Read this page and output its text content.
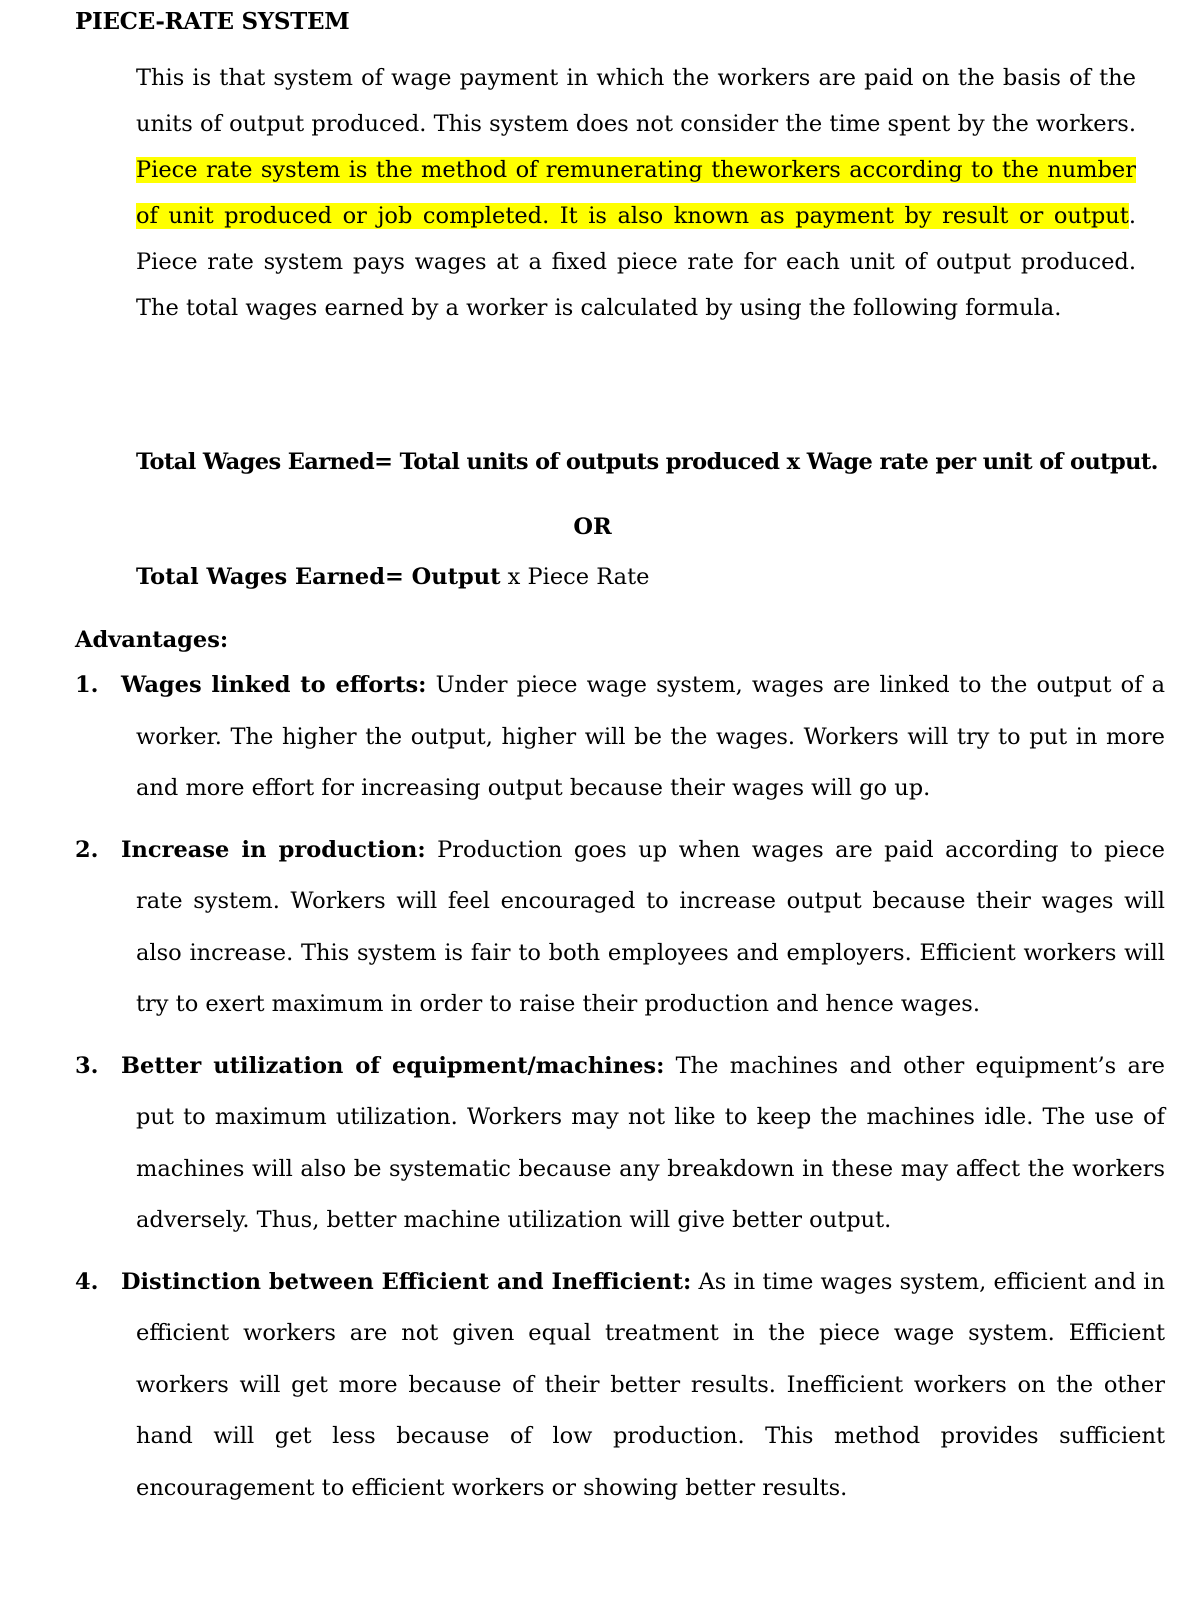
PIECE-RATE SYSTEM

This is that system of wage payment in which the workers are paid on the basis of the units of output produced. This system does not consider the time spent by the workers. Piece rate system is the method of remunerating theworkers according to the number of unit produced or job completed. It is also known as payment by result or output. Piece rate system pays wages at a fixed piece rate for each unit of output produced. The total wages earned by a worker is calculated by using the following formula.

Total Wages Earned= Total units of outputs produced x Wage rate per unit of output.

OR

Total Wages Earned= Output x Piece Rate

Advantages:
1. Wages linked to efforts: Under piece wage system, wages are linked to the output of a worker. The higher the output, higher will be the wages. Workers will try to put in more and more effort for increasing output because their wages will go up.
2. Increase in production: Production goes up when wages are paid according to piece rate system. Workers will feel encouraged to increase output because their wages will also increase. This system is fair to both employees and employers. Efficient workers will try to exert maximum in order to raise their production and hence wages.
3. Better utilization of equipment/machines: The machines and other equipment’s are put to maximum utilization. Workers may not like to keep the machines idle. The use of machines will also be systematic because any breakdown in these may affect the workers adversely. Thus, better machine utilization will give better output.
4. Distinction between Efficient and Inefficient: As in time wages system, efficient and in efficient workers are not given equal treatment in the piece wage system. Efficient workers will get more because of their better results. Inefficient workers on the other hand will get less because of low production. This method provides sufficient encouragement to efficient workers or showing better results.
